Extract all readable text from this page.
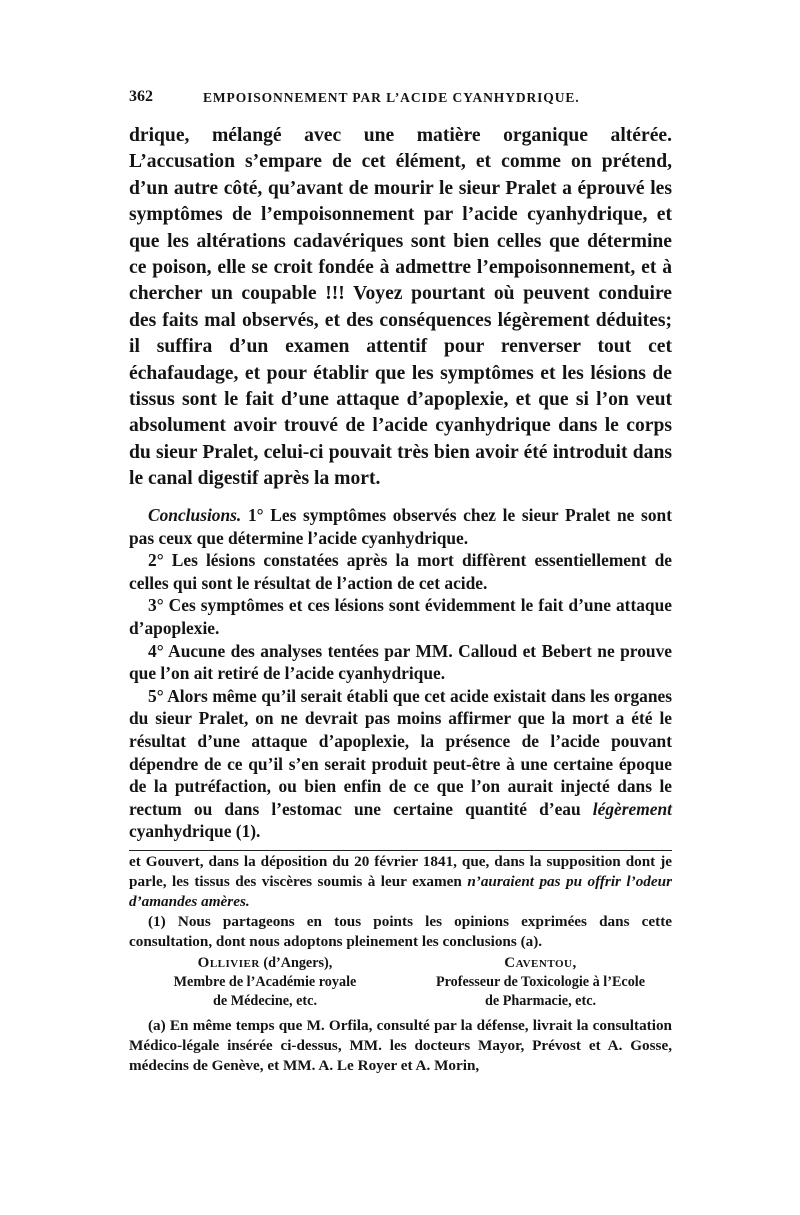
362	EMPOISONNEMENT PAR L’ACIDE CYANHYDRIQUE.

drique, mélangé avec une matière organique altérée. L’accusation s’empare de cet élément, et comme on prétend, d’un autre côté, qu’avant de mourir le sieur Pralet a éprouvé les symptômes de l’empoisonnement par l’acide cyanhydrique, et que les altérations cadavériques sont bien celles que détermine ce poison, elle se croit fondée à admettre l’empoisonnement, et à chercher un coupable !!! Voyez pourtant où peuvent conduire des faits mal observés, et des conséquences légèrement déduites; il suffira d’un examen attentif pour renverser tout cet échafaudage, et pour établir que les symptômes et les lésions de tissus sont le fait d’une attaque d’apoplexie, et que si l’on veut absolument avoir trouvé de l’acide cyanhydrique dans le corps du sieur Pralet, celui-ci pouvait très bien avoir été introduit dans le canal digestif après la mort.

Conclusions. 1° Les symptômes observés chez le sieur Pralet ne sont pas ceux que détermine l’acide cyanhydrique.

2° Les lésions constatées après la mort diffèrent essentiellement de celles qui sont le résultat de l’action de cet acide.

3° Ces symptômes et ces lésions sont évidemment le fait d’une attaque d’apoplexie.

4° Aucune des analyses tentées par MM. Calloud et Bebert ne prouve que l’on ait retiré de l’acide cyanhydrique.

5° Alors même qu’il serait établi que cet acide existait dans les organes du sieur Pralet, on ne devrait pas moins affirmer que la mort a été le résultat d’une attaque d’apoplexie, la présence de l’acide pouvant dépendre de ce qu’il s’en serait produit peut-être à une certaine époque de la putréfaction, ou bien enfin de ce que l’on aurait injecté dans le rectum ou dans l’estomac une certaine quantité d’eau légèrement cyanhydrique (1).

et Gouvert, dans la déposition du 20 février 1841, que, dans la supposition dont je parle, les tissus des viscères soumis à leur examen n’auraient pas pu offrir l’odeur d’amandes amères.

(1) Nous partageons en tous points les opinions exprimées dans cette consultation, dont nous adoptons pleinement les conclusions (a).

Ollivier (d’Angers),
Membre de l’Académie royale
de Médecine, etc.
Caventou,
Professeur de Toxicologie à l’Ecole
de Pharmacie, etc.

(a) En même temps que M. Orfila, consulté par la défense, livrait la consultation Médico-légale insérée ci-dessus, MM. les docteurs Mayor, Prévost et A. Gosse, médecins de Genève, et MM. A. Le Royer et A. Morin,
